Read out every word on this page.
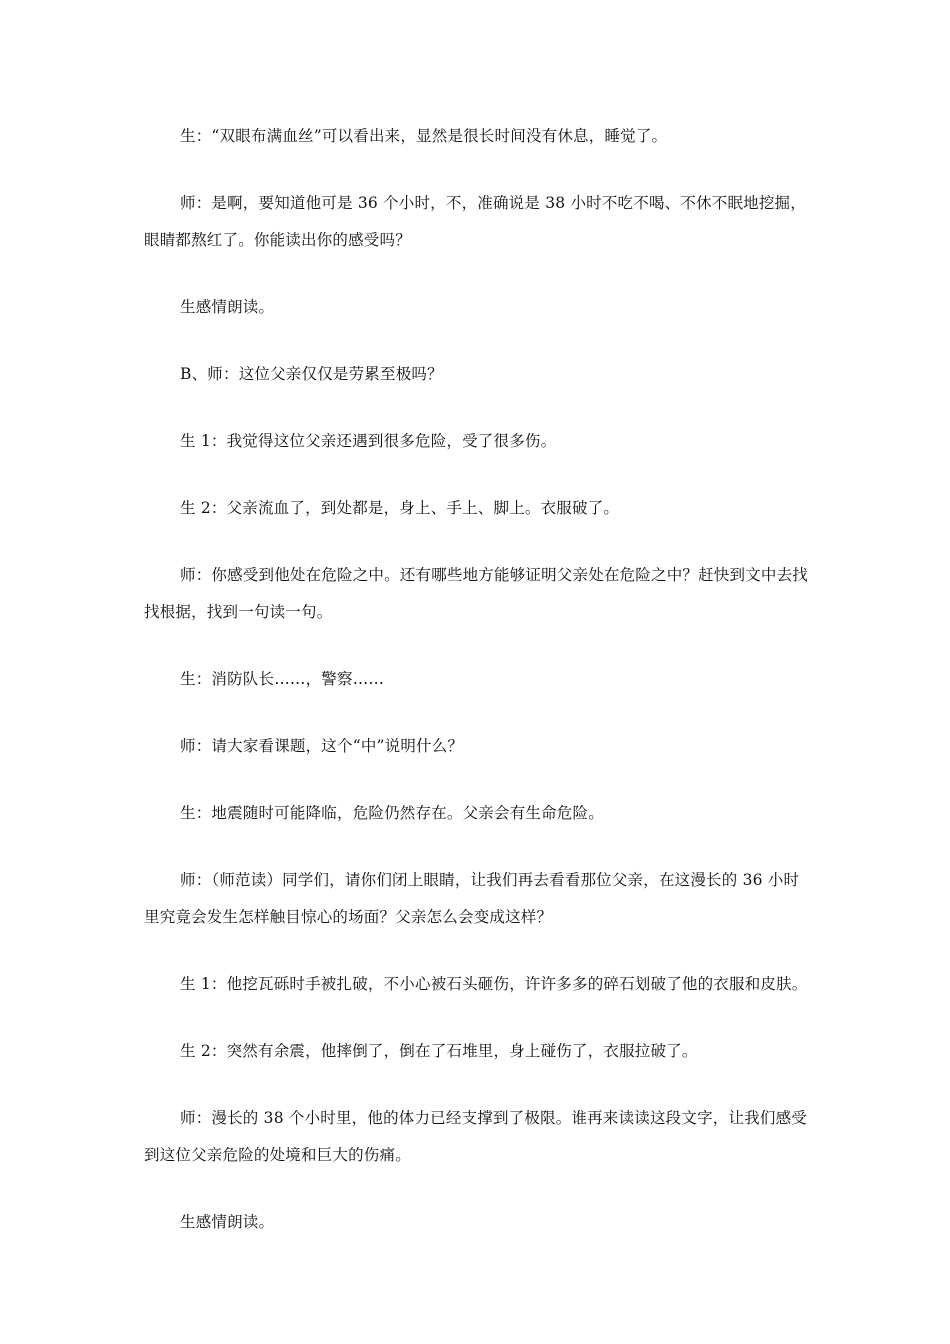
生：“双眼布满血丝”可以看出来，显然是很长时间没有休息，睡觉了。

师：是啊，要知道他可是 36 个小时，不，准确说是 38 小时不吃不喝、不休不眠地挖掘，眼睛都熬红了。你能读出你的感受吗？

生感情朗读。

B、师：这位父亲仅仅是劳累至极吗？

生 1：我觉得这位父亲还遇到很多危险，受了很多伤。

生 2：父亲流血了，到处都是，身上、手上、脚上。衣服破了。

师：你感受到他处在危险之中。还有哪些地方能够证明父亲处在危险之中？赶快到文中去找找根据，找到一句读一句。

生：消防队长……，警察……

师：请大家看课题，这个“中”说明什么？

生：地震随时可能降临，危险仍然存在。父亲会有生命危险。

师：（师范读）同学们，请你们闭上眼睛，让我们再去看看那位父亲，在这漫长的 36 小时里究竟会发生怎样触目惊心的场面？父亲怎么会变成这样？

生 1：他挖瓦砾时手被扎破，不小心被石头砸伤，许许多多的碎石划破了他的衣服和皮肤。

生 2：突然有余震，他摔倒了，倒在了石堆里，身上碰伤了，衣服拉破了。

师：漫长的 38 个小时里，他的体力已经支撑到了极限。谁再来读读这段文字，让我们感受到这位父亲危险的处境和巨大的伤痛。

生感情朗读。
